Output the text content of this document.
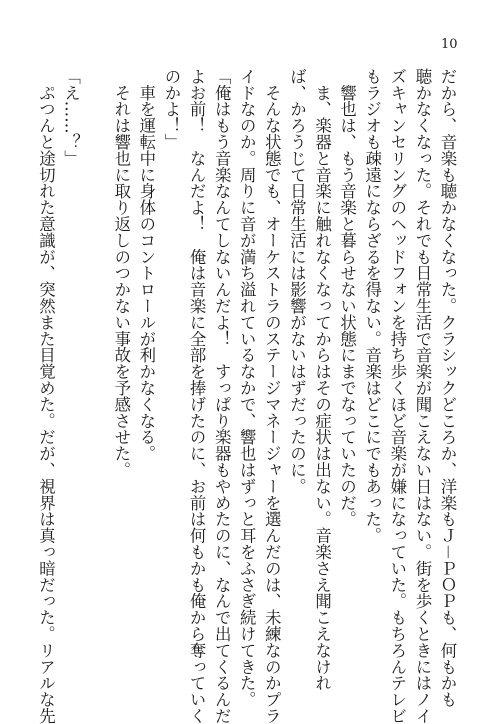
10
だから、音楽も聴かなくなった。クラシックどころか、洋楽もＪ－ＰＯＰも、何もかも
聴かなくなった。それでも日常生活で音楽が聞こえない日はない。街を歩くときにはノイ
ズキャンセリングのヘッドフォンを持ち歩くほど音楽が嫌になっていた。もちろんテレビ
もラジオも疎遠にならざるを得ない。音楽はどこにでもあった。
　響也は、もう音楽と暮らせない状態にまでなっていたのだ。
　ま、楽器と音楽に触れなくなってからはその症状は出ない。音楽さえ聞こえなけれ
ば、かろうじて日常生活には影響がないはずだったのに。
　そんな状態でも、オーケストラのステージマネージャーを選んだのは、未練なのかプラ
イドなのか。周りに音が満ち溢れているなかで、響也はずっと耳をふさぎ続けてきた。
「俺はもう音楽なんてしないんだよ！　すっぱり楽器もやめたのに、なんで出てくるんだ
よお前！　なんだよ！　俺は音楽に全部を捧げたのに、お前は何もかも俺から奪っていく
のかよ！」
　車を運転中に身体のコントロールが利かなくなる。
　それは響也に取り返しのつかない事故を予感させた。
「え……？」
　ぷつんと途切れた意識が、突然また目覚めた。だが、視界は真っ暗だった。リアルな先
